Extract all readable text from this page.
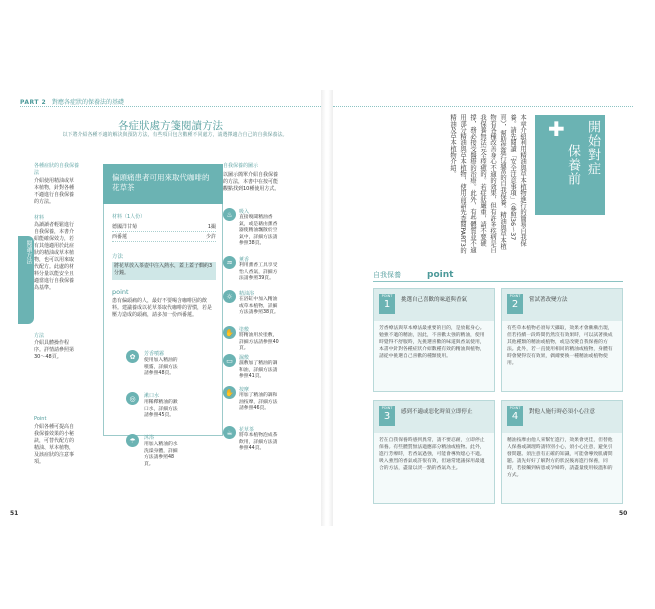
PART 2 對應各症狀的保養法的基礎
各症狀處方箋閱讀方法
以下將介紹各種不適的解決與預防方法，有些項目包含數種不同處方，請選擇適合自己的自我保養法。
閱讀方法
各種症狀的自我保養法
介紹使用精油或草本植物，針對各種不適進行自我保養的方法。
材料
為讀讀者輕鬆進行自我保養，本書介紹能確保效力，若有其他適用於此症狀的精油或草本植物，也可以用來取代配方。此處的材料分量以能安全且適當進行自我保養為基準。
方法
介紹具體操作程序。詳情請參照第30～48頁。
Point
介紹各種可提高自我保養效果的小秘訣，可替代配方的精油、草本植物，及該症狀的注意事項。
自我保養的圖示
以圖示簡單介紹自我保養的方法，本書中在按可能觀點找到10種使用方式。
偏頭痛患者可用來取代咖啡的花草茶
材料（1人份）
德國洋甘菊	1撮
西番蓮	少許
方法
將花草放入茶壺中注入熱水，蓋上蓋子燜約3分鐘。
point
患有偏頭痛的人，最好不要喝含咖啡因的飲料。建議養成以花草茶取代咖啡的習慣，若是壓力造成的頭痛，請多加一份西番蓮。
✿	芳香噴霧
使用加入精油的噴霧，詳細方法請參照48頁。
◎	漱口水
用稀釋精油的漱口水，詳細方法請參照45頁。
☂	沐浴
用加入精油的水洗澡身體，詳細方法請參照48頁。
♨	吸入
直接嗅聞精油香氣，或是藉由薰香器使精油飄散於空氣中，詳細方法請參照38頁。
♒	薰香
利用薰香工具享受怡人香氣，詳細方法請參照39頁。
☼	精油浴
在浴缸中加入精油或草本植物，詳細方法請參照38頁。
✋	塗敷
將精油用於塗敷，詳細方法請參照40頁。
▭	濕敷
濕敷加了精油的調和油，詳細方法請參照41頁。
✋	按摩
用加了精油的調和油按摩，詳細方法請參照46頁。
☕	花草茶
將草本植物泡成茶飲用，詳細方法請參照44頁。
51
✚ 開始對症
保養前
本章介紹利用精油與草本植物進行的簡易自我保養。請先閱讀「安全注意事項」（參照36～37頁），幫助您進行適當的自我保養。精油與草本植物有各種改善身心不適的效果，但有許多疾病是自我保養無法完全痊癒的。若症狀嚴重，請不要硬撐，務必接受醫療的治療。此外，有些體質並不適用部分精油與草本植物，使用前請先查閱PART3的精油及草本植物介紹。
自我保養	point
POINT
1	挑選自己喜歡的味道與香氣
芳香療法與草本療法最重要的目的，是放鬆身心。勉強不適的精油，因此，不喜歡太強的精油，使用時覺得不舒服時，先挑選喜歡的味道與香氣使用，本書中針對各種症狀介紹數種有效的精油與植物，請從中挑選自己喜歡的種類使用。
POINT
2	嘗試著改變方法
有些草本植物必須每天攝取，效果才會漸漸出現，但若持續一段時間仍然沒有效果時，可以試著換成其他種類的精油或植物，或是改變自我保養的方法。此外，若一直使用相同的精油或植物，身體有時會變得沒有效果，偶爾要換一種精油或植物使用。
POINT
3	感到不適或惡化時須立即停止
若在自我保養時感到異常，請不要忍耐，立即停止保養。有些體質無法適應部分精油或植物。此外，進行芳療時，若香氣過強，可能會導致噁心不適。吸入強烈的香氣或許很有效，但通常建議採用最適合的方法，盡量以淡一點的香氣為主。
POINT
4	對他人施行時必須小心注意
精油按摩由他人來幫忙進行，效果會更佳，但替他人保養或調理時請特別小心，須小心注意，避免引發問題。須注意有正確的知識，可能會導致肌膚問題。請先好好了解對方的狀況後再進行保養，同時，若接觸到病患或孕婦時，請盡量使用較溫和的方式。
50
